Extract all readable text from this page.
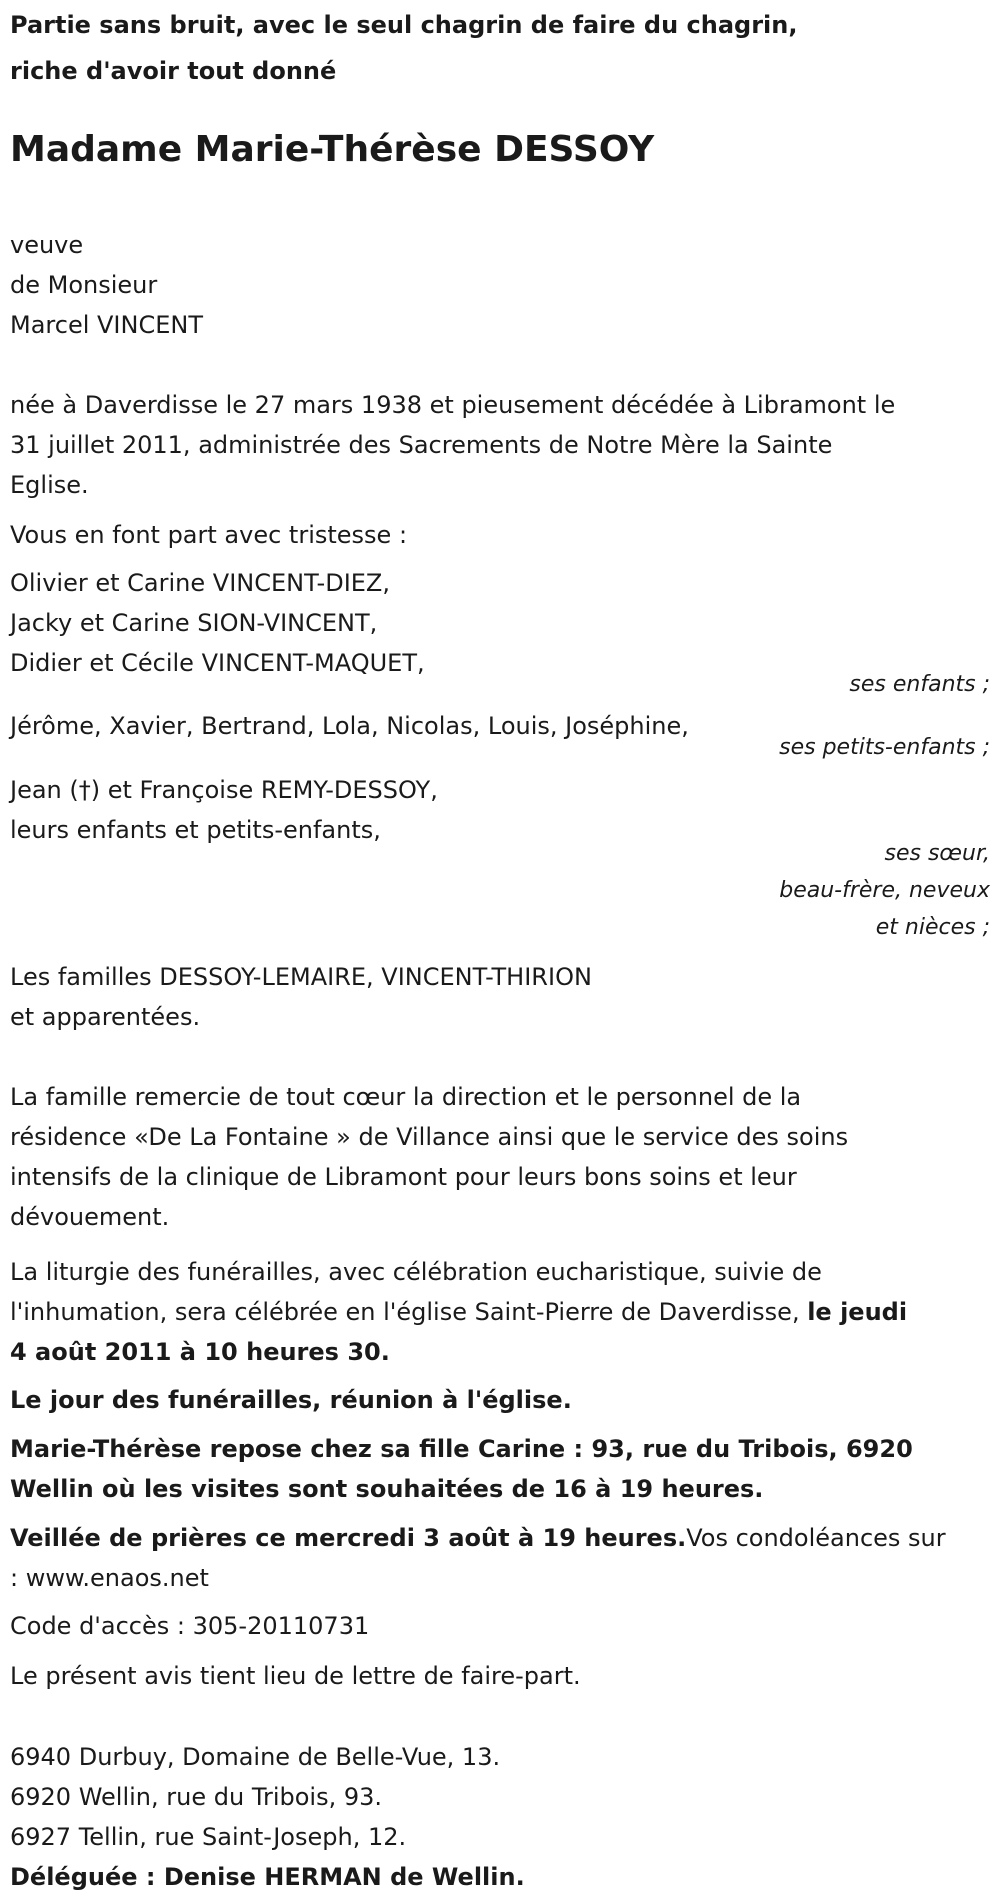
Partie sans bruit, avec le seul chagrin de faire du chagrin,

riche d'avoir tout donné

Madame Marie-Thérèse DESSOY

veuve

de Monsieur

Marcel VINCENT

née à Daverdisse le 27 mars 1938 et pieusement décédée à Libramont le

31 juillet 2011, administrée des Sacrements de Notre Mère la Sainte

Eglise.

Vous en font part avec tristesse :

Olivier et Carine VINCENT-DIEZ,

Jacky et Carine SION-VINCENT,

Didier et Cécile VINCENT-MAQUET,

ses enfants ;

Jérôme, Xavier, Bertrand, Lola, Nicolas, Louis, Joséphine,

ses petits-enfants ;

Jean (†) et Françoise REMY-DESSOY,

leurs enfants et petits-enfants,

ses sœur,
beau-frère, neveux
et nièces ;

Les familles DESSOY-LEMAIRE, VINCENT-THIRION

et apparentées.

La famille remercie de tout cœur la direction et le personnel de la

résidence «De La Fontaine » de Villance ainsi que le service des soins

intensifs de la clinique de Libramont pour leurs bons soins et leur

dévouement.

La liturgie des funérailles, avec célébration eucharistique, suivie de

l'inhumation, sera célébrée en l'église Saint-Pierre de Daverdisse, le jeudi

4 août 2011 à 10 heures 30.

Le jour des funérailles, réunion à l'église.

Marie-Thérèse repose chez sa fille Carine : 93, rue du Tribois, 6920

Wellin où les visites sont souhaitées de 16 à 19 heures.

Veillée de prières ce mercredi 3 août à 19 heures.Vos condoléances sur

: www.enaos.net

Code d'accès : 305-20110731

Le présent avis tient lieu de lettre de faire-part.

6940 Durbuy, Domaine de Belle-Vue, 13.

6920 Wellin, rue du Tribois, 93.

6927 Tellin, rue Saint-Joseph, 12.

Déléguée : Denise HERMAN de Wellin.
